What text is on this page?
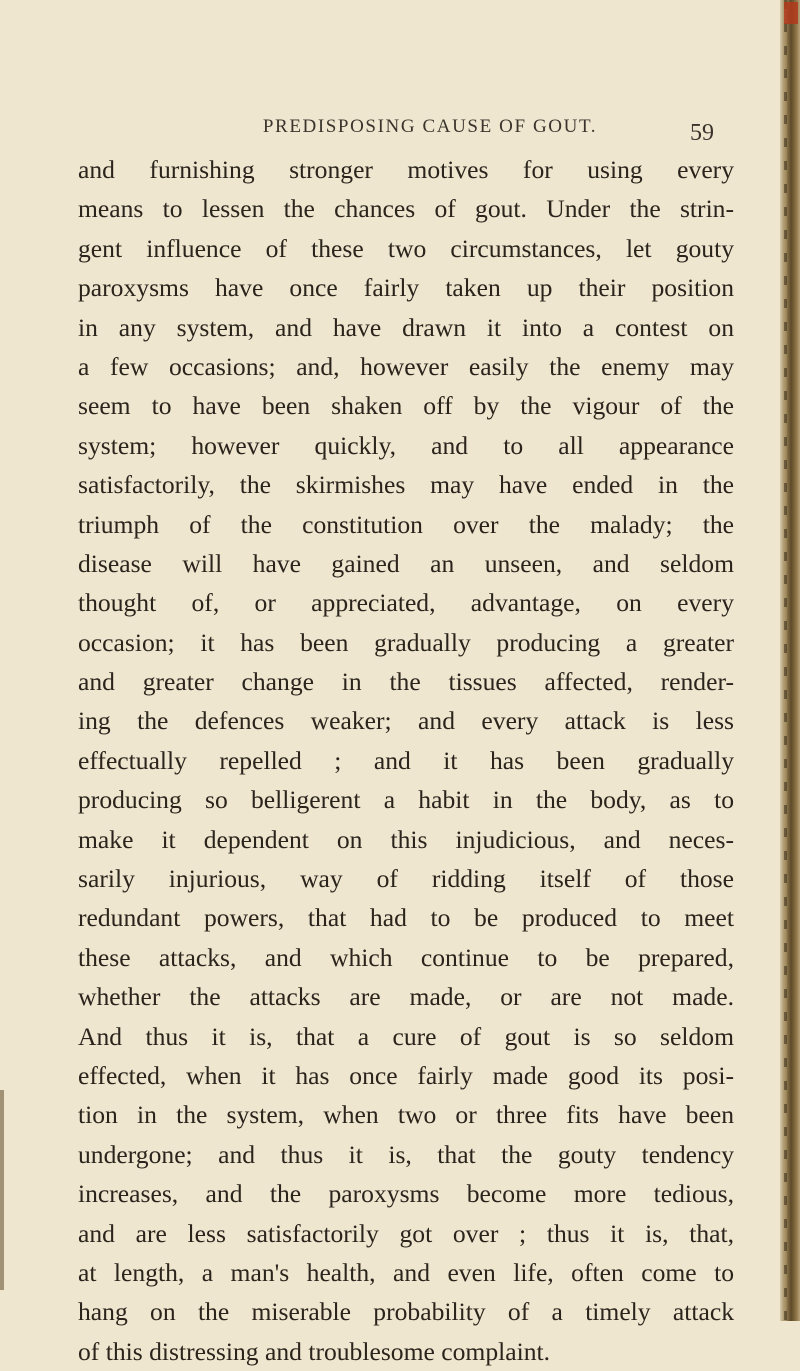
PREDISPOSING CAUSE OF GOUT.	59
and furnishing stronger motives for using every
means to lessen the chances of gout. Under the strin-
gent influence of these two circumstances, let gouty
paroxysms have once fairly taken up their position
in any system, and have drawn it into a contest on
a few occasions; and, however easily the enemy may
seem to have been shaken off by the vigour of the
system; however quickly, and to all appearance
satisfactorily, the skirmishes may have ended in the
triumph of the constitution over the malady; the
disease will have gained an unseen, and seldom
thought of, or appreciated, advantage, on every
occasion; it has been gradually producing a greater
and greater change in the tissues affected, render-
ing the defences weaker; and every attack is less
effectually repelled ; and it has been gradually
producing so belligerent a habit in the body, as to
make it dependent on this injudicious, and neces-
sarily injurious, way of ridding itself of those
redundant powers, that had to be produced to meet
these attacks, and which continue to be prepared,
whether the attacks are made, or are not made.
And thus it is, that a cure of gout is so seldom
effected, when it has once fairly made good its posi-
tion in the system, when two or three fits have been
undergone; and thus it is, that the gouty tendency
increases, and the paroxysms become more tedious,
and are less satisfactorily got over ; thus it is, that,
at length, a man's health, and even life, often come to
hang on the miserable probability of a timely attack
of this distressing and troublesome complaint.
